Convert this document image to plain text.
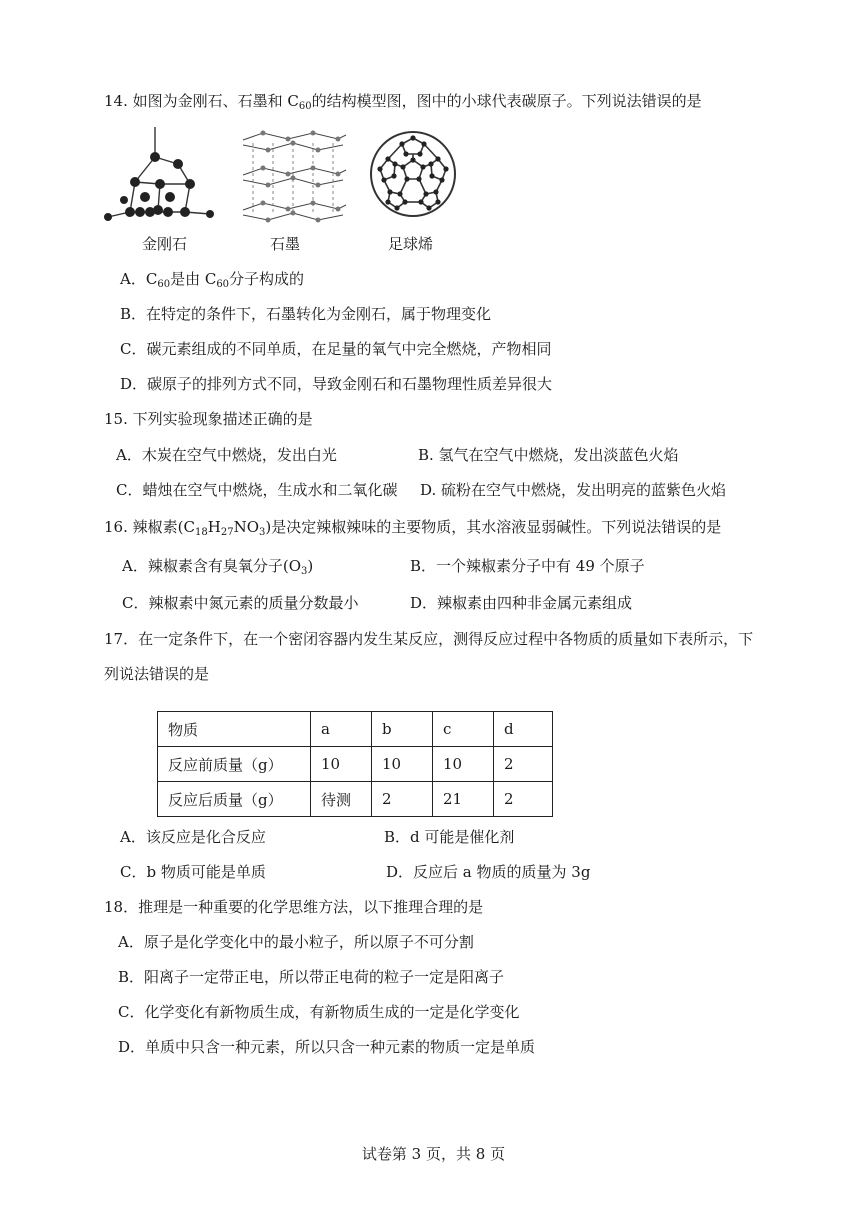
14. 如图为金刚石、石墨和 $C_{60}$的结构模型图，图中的小球代表碳原子。下列说法错误的是
金刚石	石墨	足球烯
A．$C_{60}$是由 $C_{60}$分子构成的
B．在特定的条件下，石墨转化为金刚石，属于物理变化
C．碳元素组成的不同单质，在足量的氧气中完全燃烧，产物相同
D．碳原子的排列方式不同，导致金刚石和石墨物理性质差异很大
15. 下列实验现象描述正确的是
A．木炭在空气中燃烧，发出白光	B. 氢气在空气中燃烧，发出淡蓝色火焰
C．蜡烛在空气中燃烧，生成水和二氧化碳 D. 硫粉在空气中燃烧，发出明亮的蓝紫色火焰
16. 辣椒素$(C_{18}H_{27}NO_3)$是决定辣椒辣味的主要物质，其水溶液显弱碱性。下列说法错误的是
A．辣椒素含有臭氧分子$(O_3)$	B．一个辣椒素分子中有 49 个原子
C．辣椒素中氮元素的质量分数最小	D．辣椒素由四种非金属元素组成
17．在一定条件下，在一个密闭容器内发生某反应，测得反应过程中各物质的质量如下表所示，下
列说法错误的是
物质	a	b	c	d
反应前质量（g）	10	10	10	2
反应后质量（g）	待测	2	21	2
A．该反应是化合反应	B．d 可能是催化剂
C．b 物质可能是单质	D．反应后 a 物质的质量为 3g
18．推理是一种重要的化学思维方法，以下推理合理的是
A．原子是化学变化中的最小粒子，所以原子不可分割
B．阳离子一定带正电，所以带正电荷的粒子一定是阳离子
C．化学变化有新物质生成，有新物质生成的一定是化学变化
D．单质中只含一种元素，所以只含一种元素的物质一定是单质
试卷第 3 页，共 8 页
